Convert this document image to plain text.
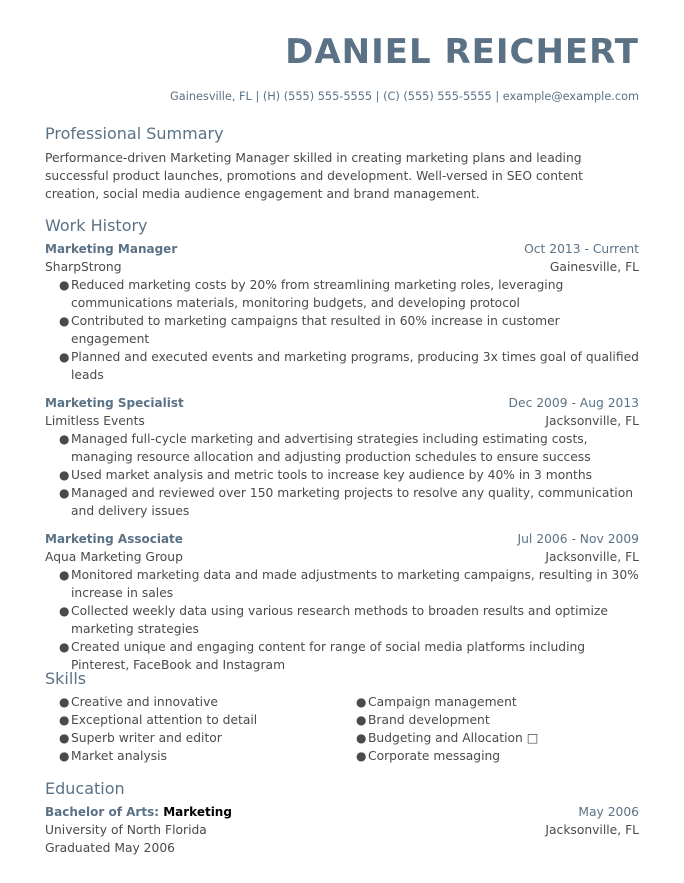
DANIEL REICHERT
Gainesville, FL | (H) (555) 555-5555 | (C) (555) 555-5555 | example@example.com
Professional Summary
Performance-driven Marketing Manager skilled in creating marketing plans and leading successful product launches, promotions and development. Well-versed in SEO content creation, social media audience engagement and brand management.
Work History
Marketing Manager	Oct 2013 - Current
SharpStrong	Gainesville, FL
● Reduced marketing costs by 20% from streamlining marketing roles, leveraging communications materials, monitoring budgets, and developing protocol
● Contributed to marketing campaigns that resulted in 60% increase in customer engagement
● Planned and executed events and marketing programs, producing 3x times goal of qualified leads
Marketing Specialist	Dec 2009 - Aug 2013
Limitless Events	Jacksonville, FL
● Managed full-cycle marketing and advertising strategies including estimating costs, managing resource allocation and adjusting production schedules to ensure success
● Used market analysis and metric tools to increase key audience by 40% in 3 months
● Managed and reviewed over 150 marketing projects to resolve any quality, communication and delivery issues
Marketing Associate	Jul 2006 - Nov 2009
Aqua Marketing Group	Jacksonville, FL
● Monitored marketing data and made adjustments to marketing campaigns, resulting in 30% increase in sales
● Collected weekly data using various research methods to broaden results and optimize marketing strategies
● Created unique and engaging content for range of social media platforms including Pinterest, FaceBook and Instagram
Skills
● Creative and innovative
● Exceptional attention to detail
● Superb writer and editor
● Market analysis
● Campaign management
● Brand development
● Budgeting and Allocation □
● Corporate messaging
Education
Bachelor of Arts: Marketing	May 2006
University of North Florida	Jacksonville, FL
Graduated May 2006
